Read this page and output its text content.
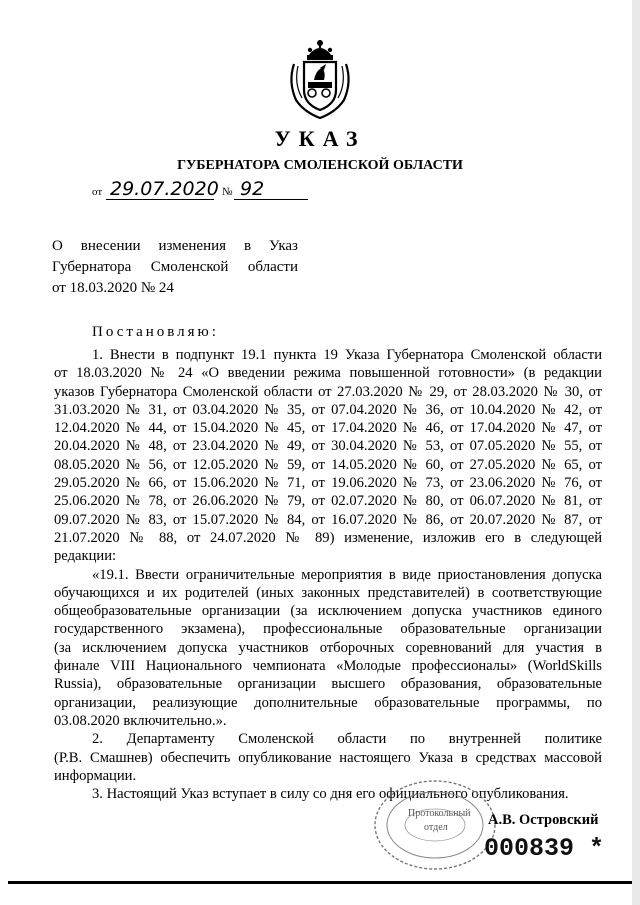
УКАЗ
ГУБЕРНАТОРА СМОЛЕНСКОЙ ОБЛАСТИ
от 29.07.2020 № 92
О внесении изменения в Указ
Губернатора Смоленской области
от 18.03.2020 № 24
Постановляю:
1. Внести в подпункт 19.1 пункта 19 Указа Губернатора Смоленской области
от 18.03.2020 № 24 «О введении режима повышенной готовности» (в редакции
указов Губернатора Смоленской области от 27.03.2020 № 29, от 28.03.2020 № 30, от
31.03.2020 № 31, от 03.04.2020 № 35, от 07.04.2020 № 36, от 10.04.2020 № 42, от
12.04.2020 № 44, от 15.04.2020 № 45, от 17.04.2020 № 46, от 17.04.2020 № 47, от
20.04.2020 № 48, от 23.04.2020 № 49, от 30.04.2020 № 53, от 07.05.2020 № 55, от
08.05.2020 № 56, от 12.05.2020 № 59, от 14.05.2020 № 60, от 27.05.2020 № 65, от
29.05.2020 № 66, от 15.06.2020 № 71, от 19.06.2020 № 73, от 23.06.2020 № 76, от
25.06.2020 № 78, от 26.06.2020 № 79, от 02.07.2020 № 80, от 06.07.2020 № 81, от
09.07.2020 № 83, от 15.07.2020 № 84, от 16.07.2020 № 86, от 20.07.2020 № 87, от
21.07.2020 № 88, от 24.07.2020 № 89) изменение, изложив его в следующей
редакции:
«19.1. Ввести ограничительные мероприятия в виде приостановления допуска
обучающихся и их родителей (иных законных представителей) в соответствующие
общеобразовательные организации (за исключением допуска участников единого
государственного экзамена), профессиональные образовательные организации
(за исключением допуска участников отборочных соревнований для участия в
финале VIII Национального чемпионата «Молодые профессионалы» (WorldSkills
Russia), образовательные организации высшего образования, образовательные
организации, реализующие дополнительные образовательные программы, по
03.08.2020 включительно.».
2. Департаменту Смоленской области по внутренней политике
(Р.В. Смашнев) обеспечить опубликование настоящего Указа в средствах массовой
информации.
3. Настоящий Указ вступает в силу со дня его официального опубликования.
Протокольный
отдел	А.В. Островский
000839 *
